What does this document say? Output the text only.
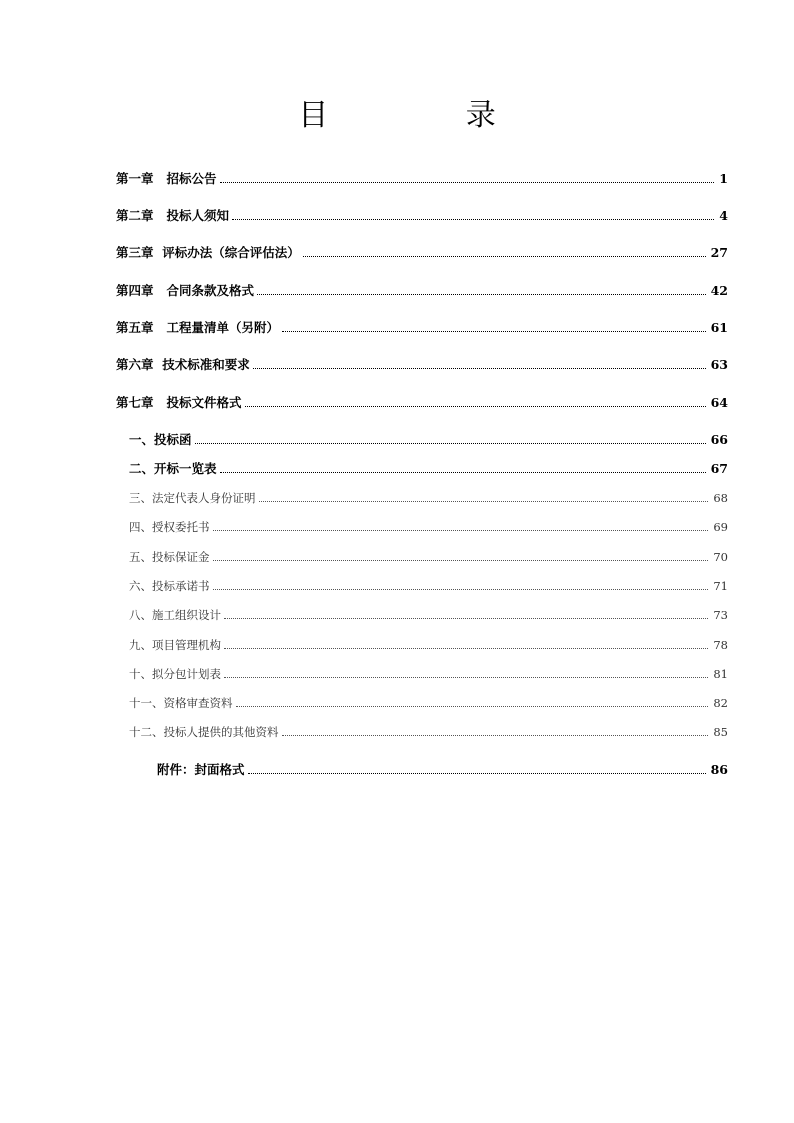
目 录
第一章   招标公告	1
第二章   投标人须知	4
第三章  评标办法（综合评估法）	27
第四章   合同条款及格式	42
第五章   工程量清单（另附）	61
第六章  技术标准和要求	63
第七章   投标文件格式	64
一、投标函	66
二、开标一览表	67
三、法定代表人身份证明	68
四、授权委托书	69
五、投标保证金	70
六、投标承诺书	71
八、施工组织设计	73
九、项目管理机构	78
十、拟分包计划表	81
十一、资格审查资料	82
十二、投标人提供的其他资料	85
附件：封面格式	86
